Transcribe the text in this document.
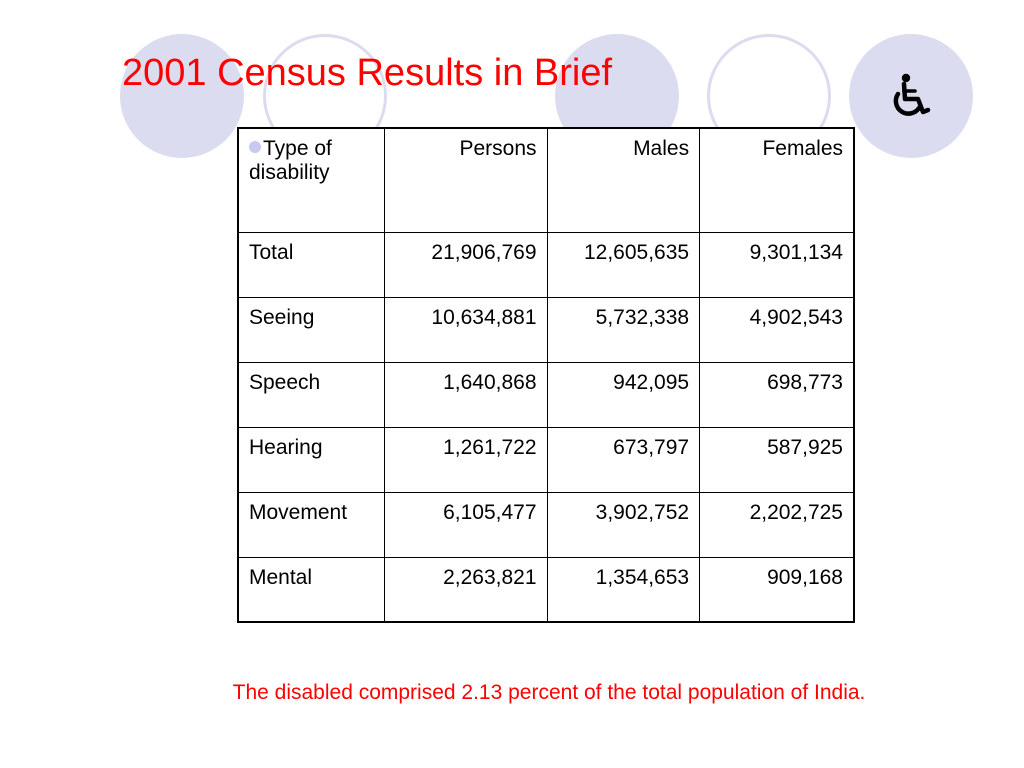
2001 Census Results in Brief
Type of disability	Persons	Males	Females
Total	21,906,769	12,605,635	9,301,134
Seeing	10,634,881	5,732,338	4,902,543
Speech	1,640,868	942,095	698,773
Hearing	1,261,722	673,797	587,925
Movement	6,105,477	3,902,752	2,202,725
Mental	2,263,821	1,354,653	909,168

The disabled comprised 2.13 percent of the total population of India.
